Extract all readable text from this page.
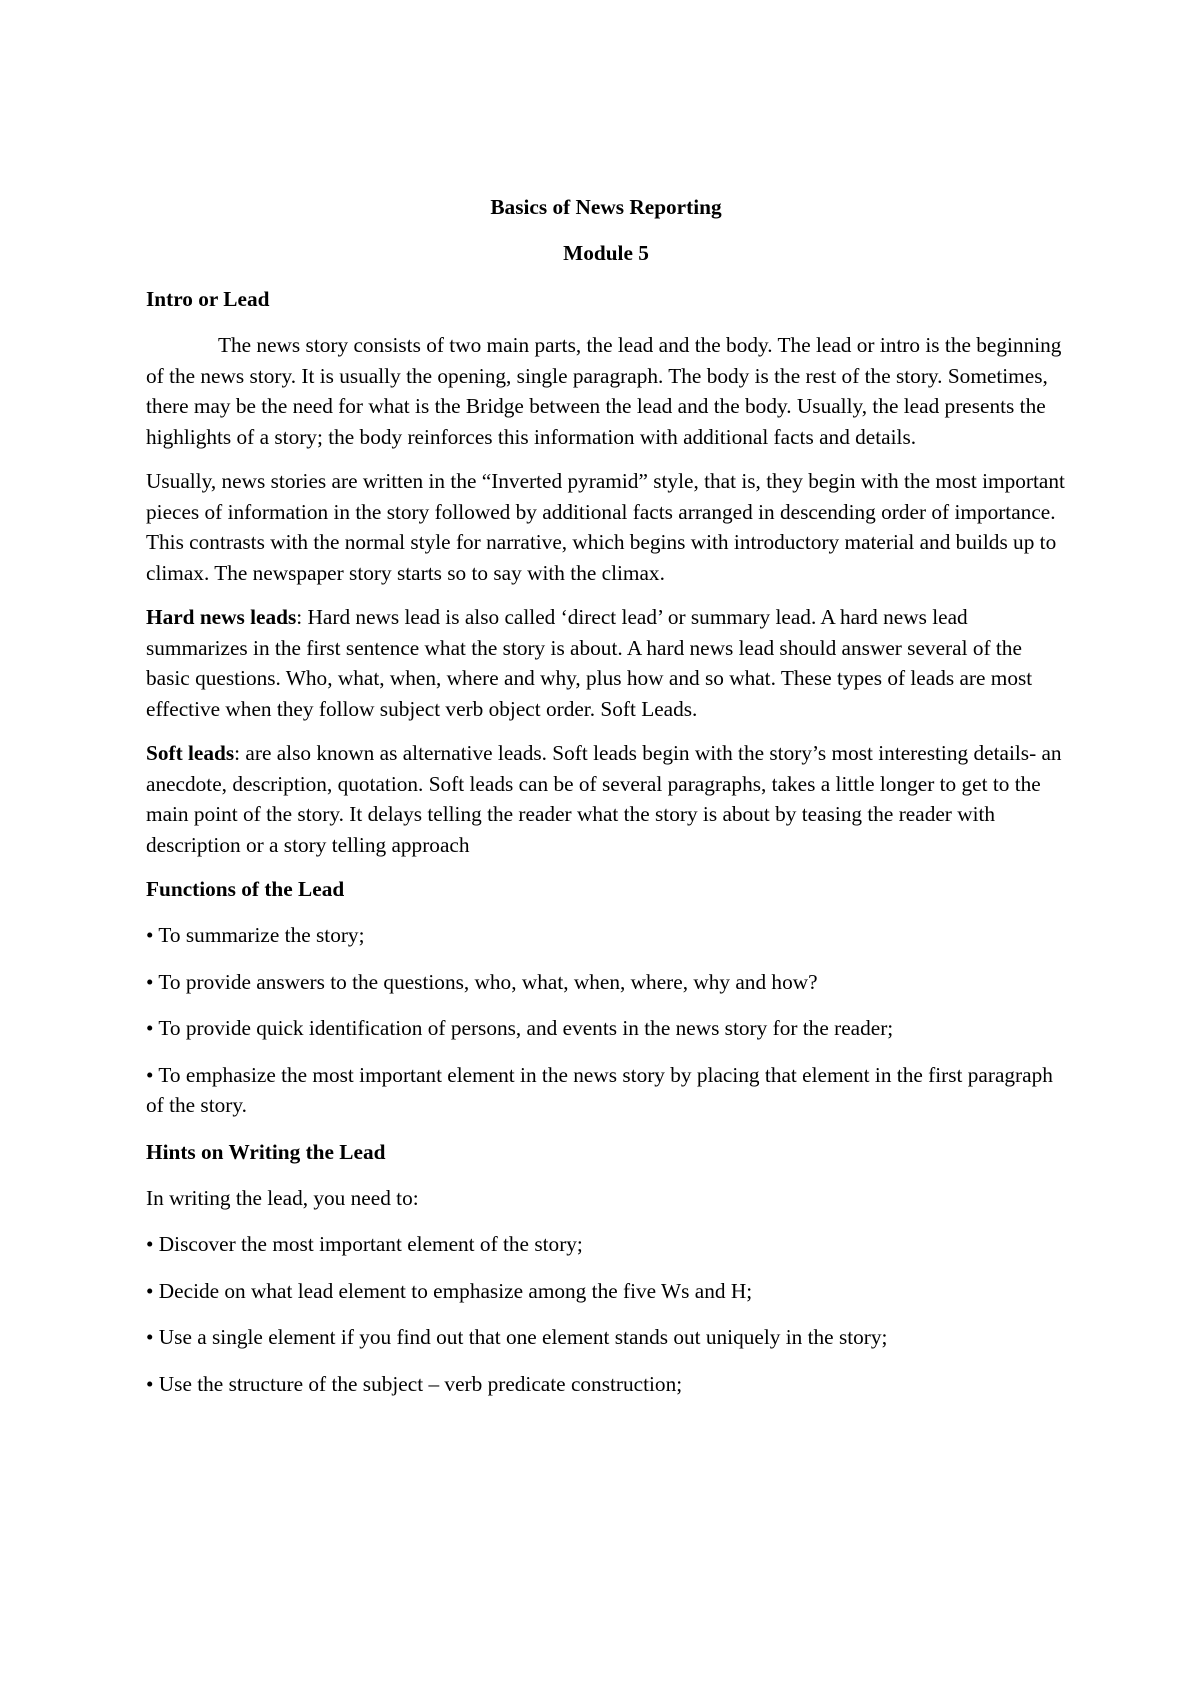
Basics of News Reporting
Module 5
Intro or Lead

The news story consists of two main parts, the lead and the body. The lead or intro is the beginning of the news story. It is usually the opening, single paragraph. The body is the rest of the story. Sometimes, there may be the need for what is the Bridge between the lead and the body. Usually, the lead presents the highlights of a story; the body reinforces this information with additional facts and details.

Usually, news stories are written in the “Inverted pyramid” style, that is, they begin with the most important pieces of information in the story followed by additional facts arranged in descending order of importance. This contrasts with the normal style for narrative, which begins with introductory material and builds up to climax. The newspaper story starts so to say with the climax.

Hard news leads: Hard news lead is also called ‘direct lead’ or summary lead. A hard news lead summarizes in the first sentence what the story is about. A hard news lead should answer several of the basic questions. Who, what, when, where and why, plus how and so what. These types of leads are most effective when they follow subject verb object order. Soft Leads.

Soft leads: are also known as alternative leads. Soft leads begin with the story’s most interesting details- an anecdote, description, quotation. Soft leads can be of several paragraphs, takes a little longer to get to the main point of the story. It delays telling the reader what the story is about by teasing the reader with description or a story telling approach

Functions of the Lead
• To summarize the story;
• To provide answers to the questions, who, what, when, where, why and how?
• To provide quick identification of persons, and events in the news story for the reader;
• To emphasize the most important element in the news story by placing that element in the first paragraph of the story.
Hints on Writing the Lead
In writing the lead, you need to:
• Discover the most important element of the story;
• Decide on what lead element to emphasize among the five Ws and H;
• Use a single element if you find out that one element stands out uniquely in the story;
• Use the structure of the subject – verb predicate construction;
